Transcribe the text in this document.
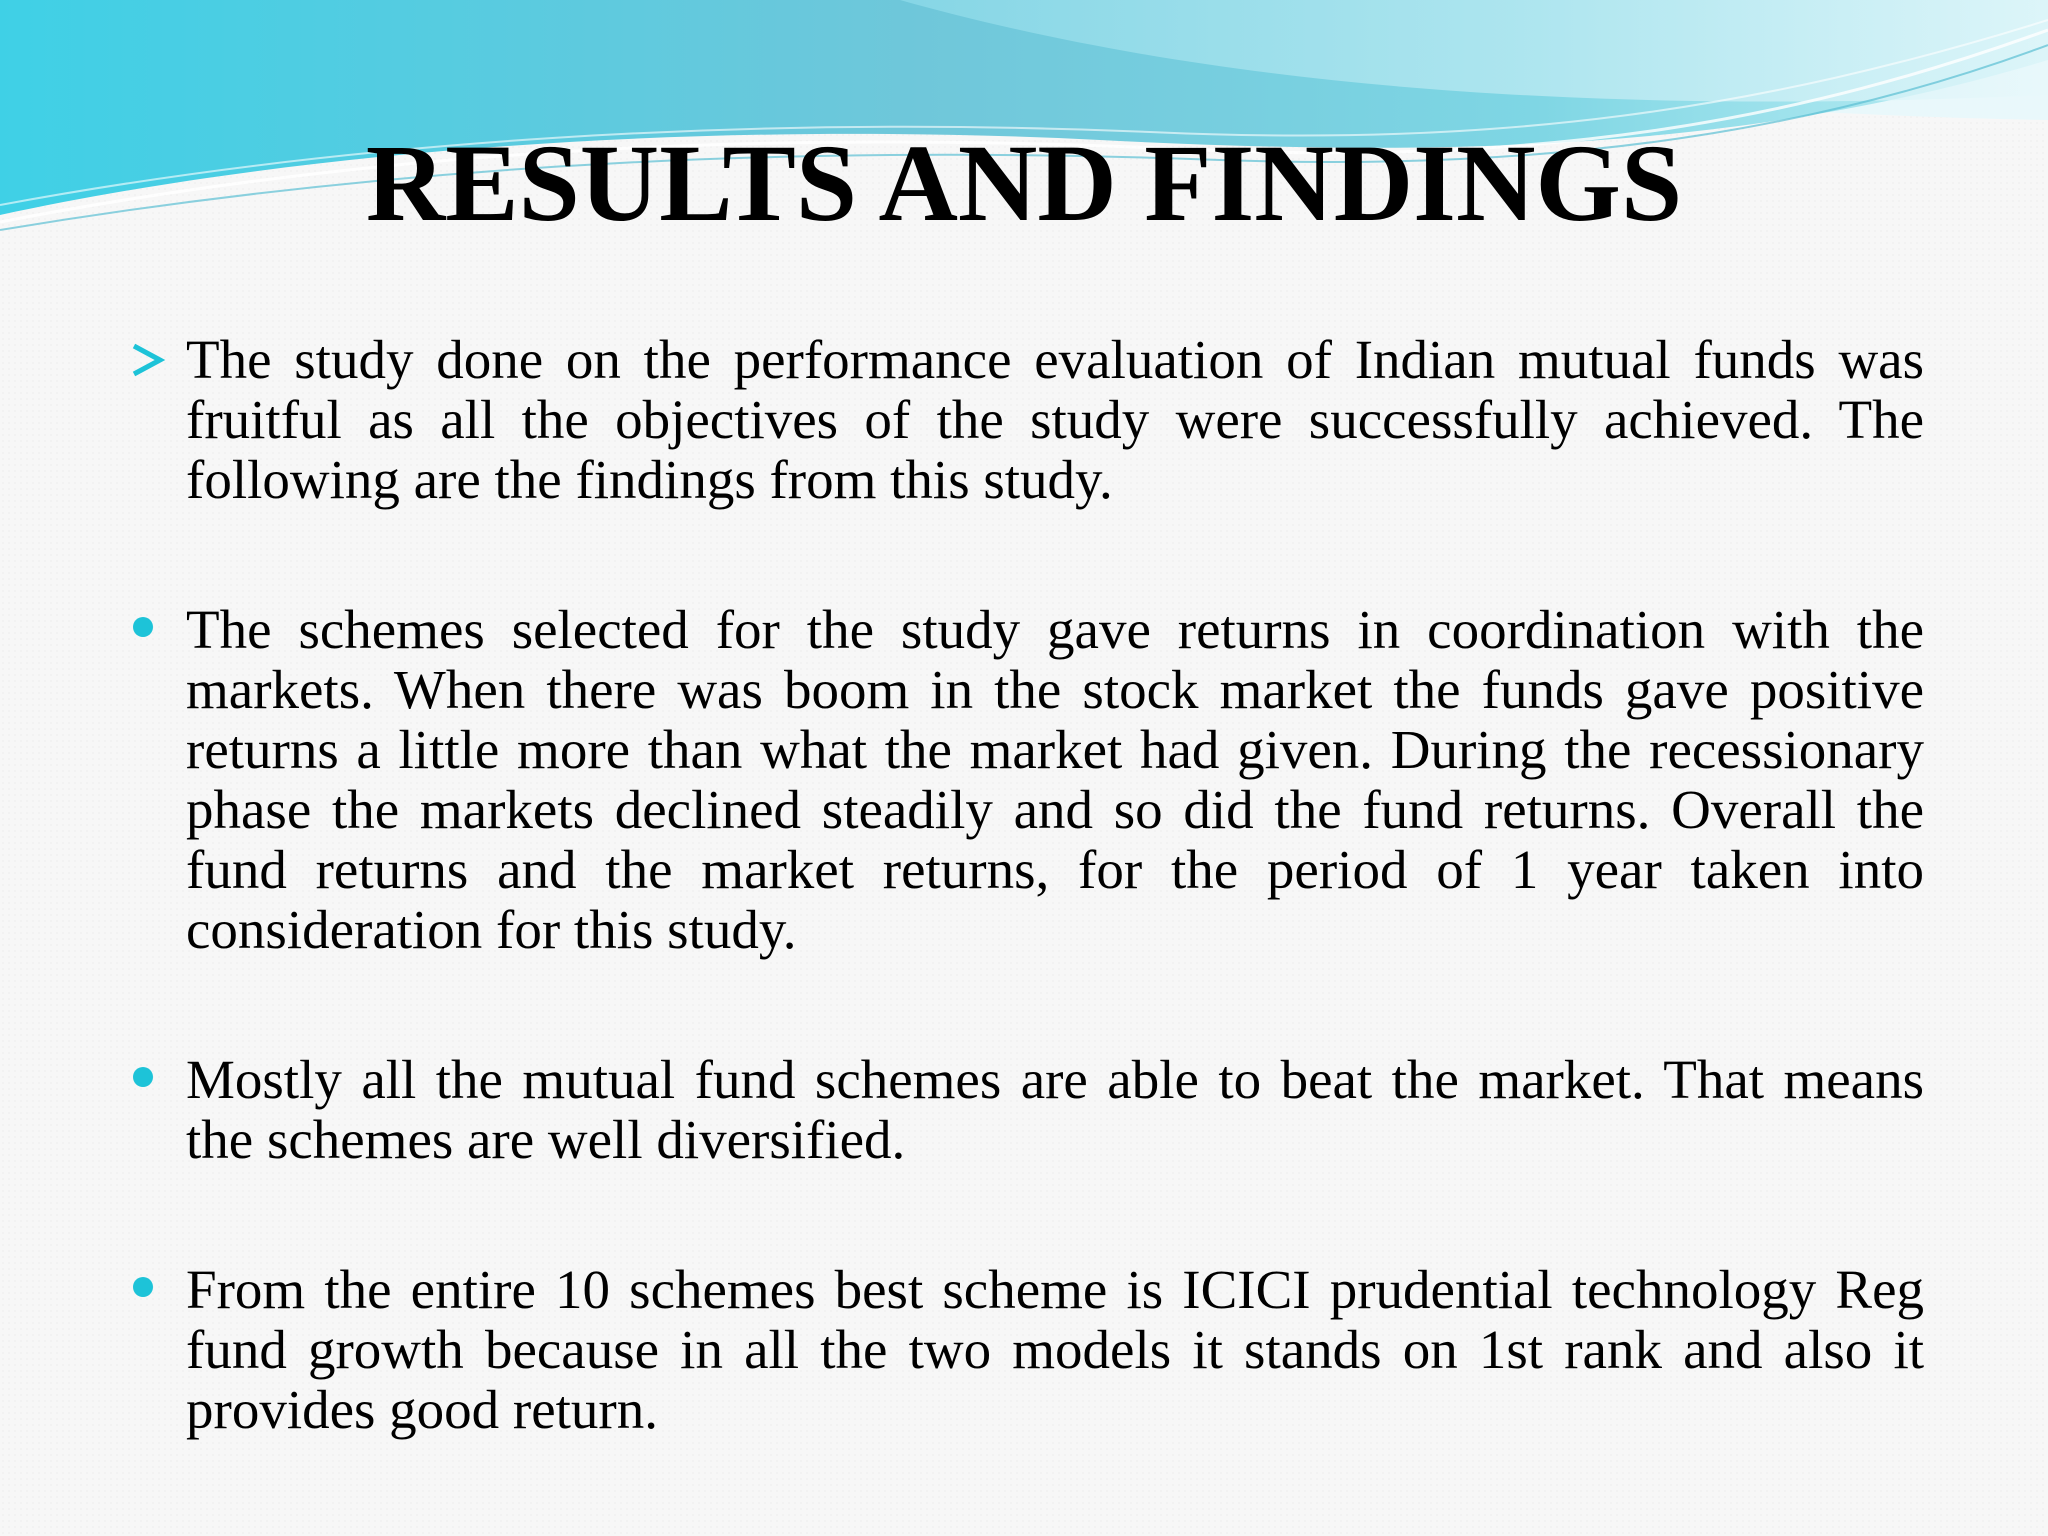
RESULTS AND FINDINGS
The study done on the performance evaluation of Indian mutual funds was fruitful as all the objectives of the study were successfully achieved. The following are the findings from this study.
The schemes selected for the study gave returns in coordination with the markets. When there was boom in the stock market the funds gave positive returns a little more than what the market had given. During the recessionary phase the markets declined steadily and so did the fund returns. Overall the fund returns and the market returns, for the period of 1 year taken into consideration for this study.
Mostly all the mutual fund schemes are able to beat the market. That means the schemes are well diversified.
From the entire 10 schemes best scheme is ICICI prudential technology Reg fund growth because in all the two models it stands on 1st rank and also it provides good return.
